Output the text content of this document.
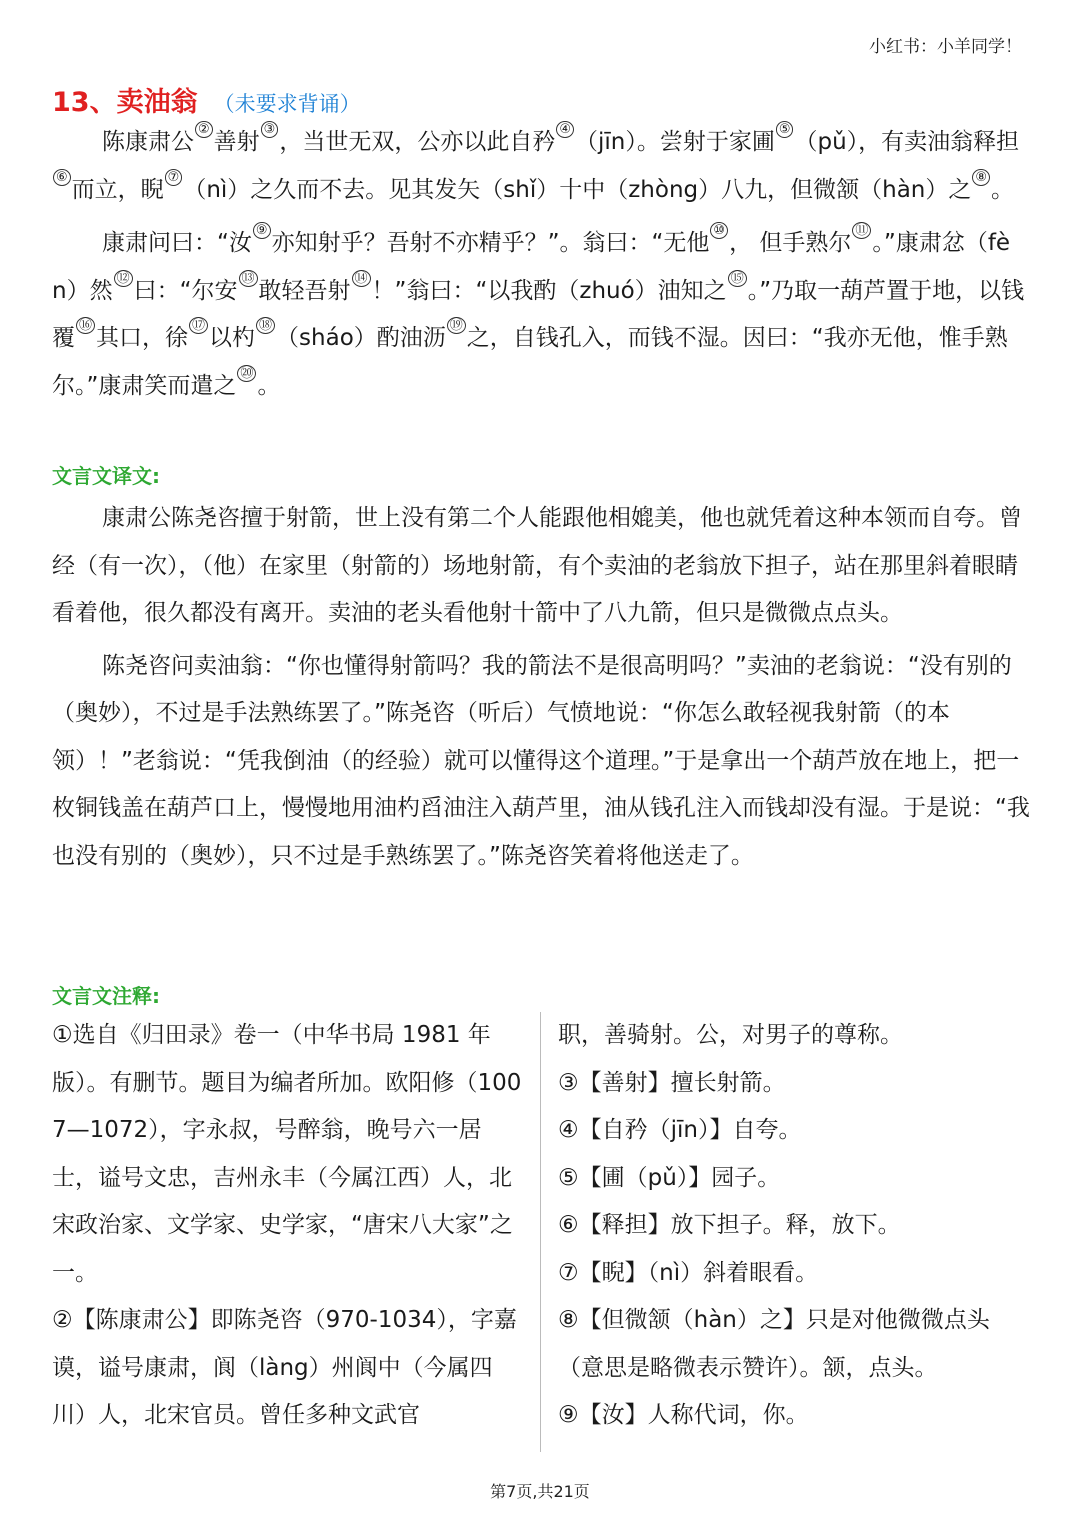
小红书：小羊同学！
13、卖油翁 （未要求背诵）

陈康肃公 ② 善射 ③ ，当世无双，公亦以此自矜 ④ （jīn）。尝射于家圃 ⑤ （pǔ），有卖油翁释担⑥ 而立，睨 ⑦ （nì）之久而不去。见其发矢（shǐ）十中（zhòng）八九，但微颔（hàn）之 ⑧ 。

康肃问曰：“汝 ⑨ 亦知射乎？吾射不亦精乎？”。翁曰：“无他 ⑩ ， 但手熟尔 ⑪ 。”康肃忿（fèn）然 ⑫ 曰：“尔安 ⑬ 敢轻吾射 ⑭ ！”翁曰：“以我酌（zhuó）油知之 ⑮ 。”乃取一葫芦置于地，以钱覆 ⑯ 其口，徐 ⑰ 以杓 ⑱ （sháo）酌油沥 ⑲ 之，自钱孔入，而钱不湿。因曰：“我亦无他，惟手熟尔。”康肃笑而遣之 ⑳ 。

文言文译文:

康肃公陈尧咨擅于射箭，世上没有第二个人能跟他相媲美，他也就凭着这种本领而自夸。曾经（有一次），（他）在家里（射箭的）场地射箭，有个卖油的老翁放下担子，站在那里斜着眼睛看着他，很久都没有离开。卖油的老头看他射十箭中了八九箭，但只是微微点点头。

陈尧咨问卖油翁：“你也懂得射箭吗？我的箭法不是很高明吗？”卖油的老翁说：“没有别的（奥妙），不过是手法熟练罢了。”陈尧咨（听后）气愤地说：“你怎么敢轻视我射箭（的本领）！”老翁说：“凭我倒油（的经验）就可以懂得这个道理。”于是拿出一个葫芦放在地上，把一枚铜钱盖在葫芦口上，慢慢地用油杓舀油注入葫芦里，油从钱孔注入而钱却没有湿。于是说：“我也没有别的（奥妙），只不过是手熟练罢了。”陈尧咨笑着将他送走了。

文言文注释:

①选自《归田录》卷一（中华书局 1981 年版）。有删节。题目为编者所加。欧阳修（1007—1072），字永叔，号醉翁，晚号六一居士，谥号文忠，吉州永丰（今属江西）人，北宋政治家、文学家、史学家，“唐宋八大家”之一。

②【陈康肃公】即陈尧咨（970-1034），字嘉谟，谥号康肃，阆（làng）州阆中（今属四川）人，北宋官员。曾任多种文武官

职，善骑射。公，对男子的尊称。

③【善射】擅长射箭。

④【自矜（jīn）】自夸。

⑤【圃（pǔ）】园子。

⑥【释担】放下担子。释，放下。

⑦【睨】（nì）斜着眼看。

⑧【但微颔（hàn）之】只是对他微微点头（意思是略微表示赞许）。颔，点头。

⑨【汝】人称代词，你。

第7页,共21页
